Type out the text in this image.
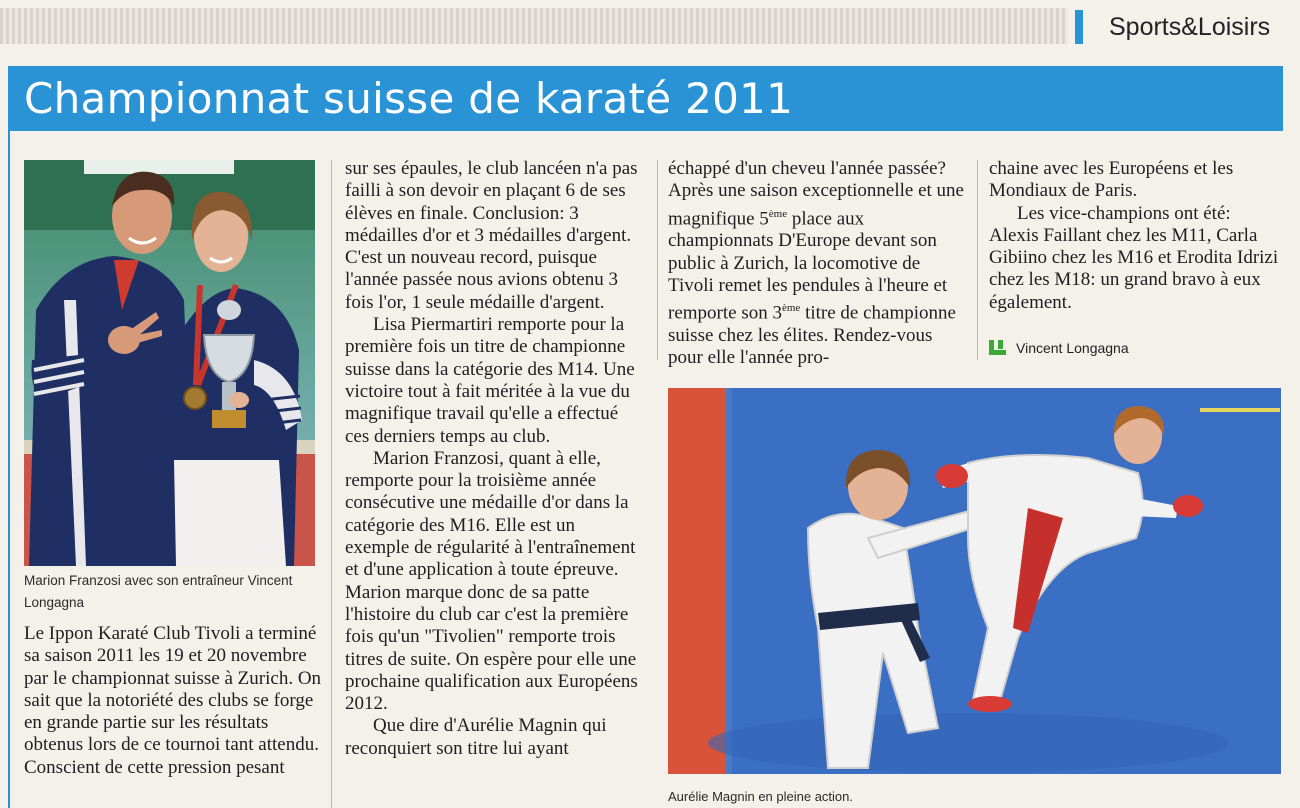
Sports&Loisirs
Championnat suisse de karaté 2011
Marion Franzosi avec son entraîneur Vincent Longagna

Le Ippon Karaté Club Tivoli a terminé sa saison 2011 les 19 et 20 novembre par le championnat suisse à Zurich. On sait que la notoriété des clubs se forge en grande partie sur les résultats obtenus lors de ce tournoi tant attendu. Conscient de cette pression pesant

sur ses épaules, le club lancéen n'a pas failli à son devoir en plaçant 6 de ses élèves en finale. Conclusion: 3 médailles d'or et 3 médailles d'argent. C'est un nouveau record, puisque l'année passée nous avions obtenu 3 fois l'or, 1 seule médaille d'argent.

Lisa Piermartiri remporte pour la première fois un titre de championne suisse dans la catégorie des M14. Une victoire tout à fait méritée à la vue du magnifique travail qu'elle a effectué ces derniers temps au club.

Marion Franzosi, quant à elle, remporte pour la troisième année consécutive une médaille d'or dans la catégorie des M16. Elle est un exemple de régularité à l'entraînement et d'une application à toute épreuve. Marion marque donc de sa patte l'histoire du club car c'est la première fois qu'un "Tivolien" remporte trois titres de suite. On espère pour elle une prochaine qualification aux Européens 2012.

Que dire d'Aurélie Magnin qui reconquiert son titre lui ayant

échappé d'un cheveu l'année passée? Après une saison exceptionnelle et une magnifique 5ème place aux championnats D'Europe devant son public à Zurich, la locomotive de Tivoli remet les pendules à l'heure et remporte son 3ème titre de championne suisse chez les élites. Rendez-vous pour elle l'année pro-

chaine avec les Européens et les Mondiaux de Paris.

Les vice-champions ont été: Alexis Faillant chez les M11, Carla Gibiino chez les M16 et Erodita Idrizi chez les M18: un grand bravo à eux également.

Vincent Longagna
Aurélie Magnin en pleine action.
